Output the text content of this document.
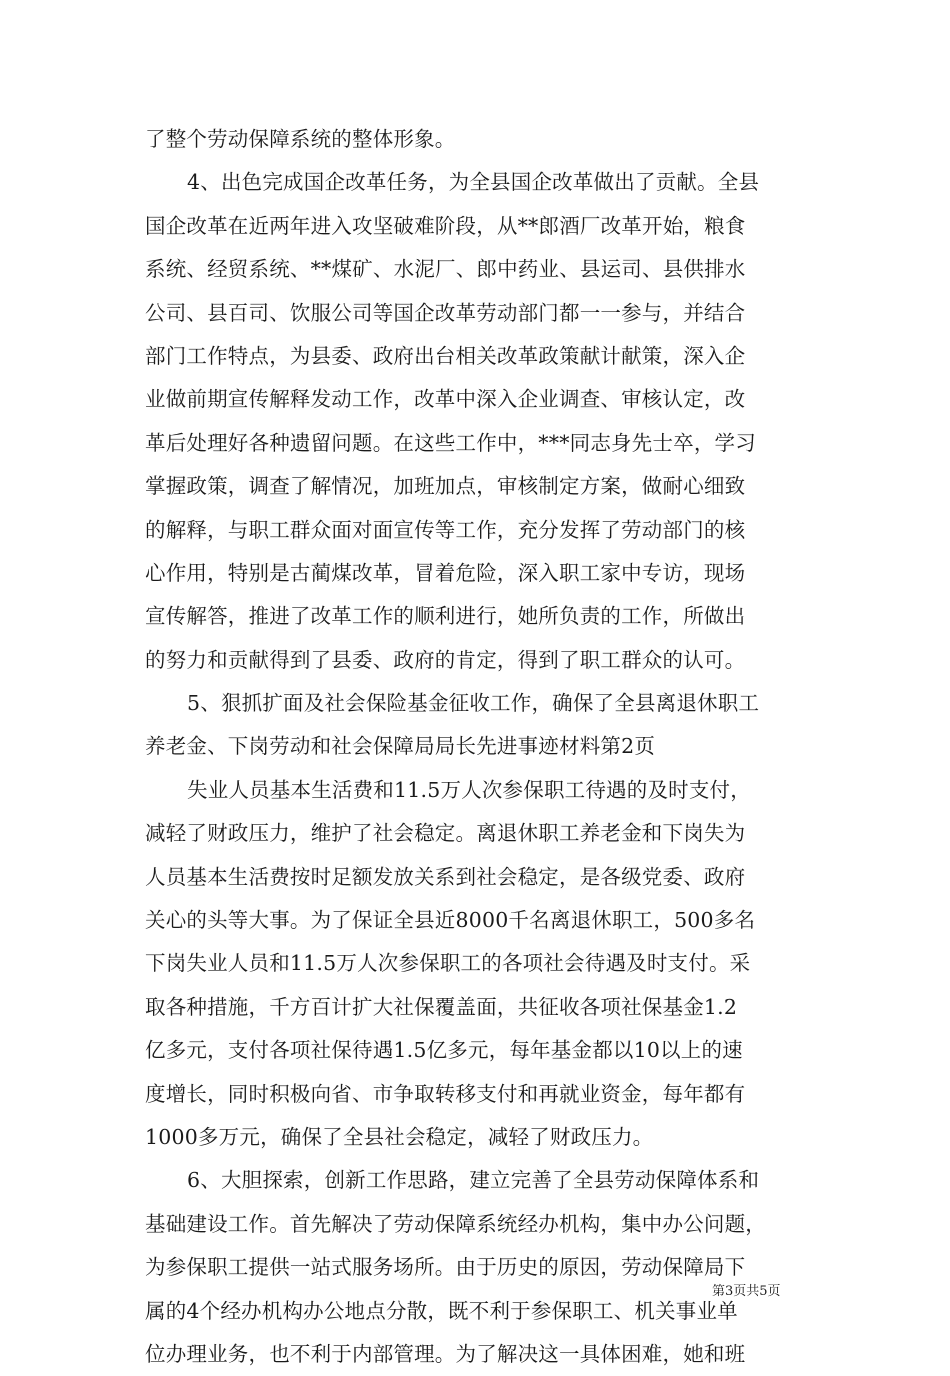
了整个劳动保障系统的整体形象。
4、出色完成国企改革任务，为全县国企改革做出了贡献。全县
国企改革在近两年进入攻坚破难阶段，从**郎酒厂改革开始，粮食
系统、经贸系统、**煤矿、水泥厂、郎中药业、县运司、县供排水
公司、县百司、饮服公司等国企改革劳动部门都一一参与，并结合
部门工作特点，为县委、政府出台相关改革政策献计献策，深入企
业做前期宣传解释发动工作，改革中深入企业调查、审核认定，改
革后处理好各种遗留问题。在这些工作中，***同志身先士卒，学习
掌握政策，调查了解情况，加班加点，审核制定方案，做耐心细致
的解释，与职工群众面对面宣传等工作，充分发挥了劳动部门的核
心作用，特别是古蔺煤改革，冒着危险，深入职工家中专访，现场
宣传解答，推进了改革工作的顺利进行，她所负责的工作，所做出
的努力和贡献得到了县委、政府的肯定，得到了职工群众的认可。
5、狠抓扩面及社会保险基金征收工作，确保了全县离退休职工
养老金、下岗劳动和社会保障局局长先进事迹材料第2页
失业人员基本生活费和11.5万人次参保职工待遇的及时支付，
减轻了财政压力，维护了社会稳定。离退休职工养老金和下岗失为
人员基本生活费按时足额发放关系到社会稳定，是各级党委、政府
关心的头等大事。为了保证全县近8000千名离退休职工，500多名
下岗失业人员和11.5万人次参保职工的各项社会待遇及时支付。采
取各种措施，千方百计扩大社保覆盖面，共征收各项社保基金1.2
亿多元，支付各项社保待遇1.5亿多元，每年基金都以10以上的速
度增长，同时积极向省、市争取转移支付和再就业资金，每年都有
1000多万元，确保了全县社会稳定，减轻了财政压力。
6、大胆探索，创新工作思路，建立完善了全县劳动保障体系和
基础建设工作。首先解决了劳动保障系统经办机构，集中办公问题，
为参保职工提供一站式服务场所。由于历史的原因，劳动保障局下
属的4个经办机构办公地点分散，既不利于参保职工、机关事业单
位办理业务，也不利于内部管理。为了解决这一具体困难，她和班
第3页共5页
